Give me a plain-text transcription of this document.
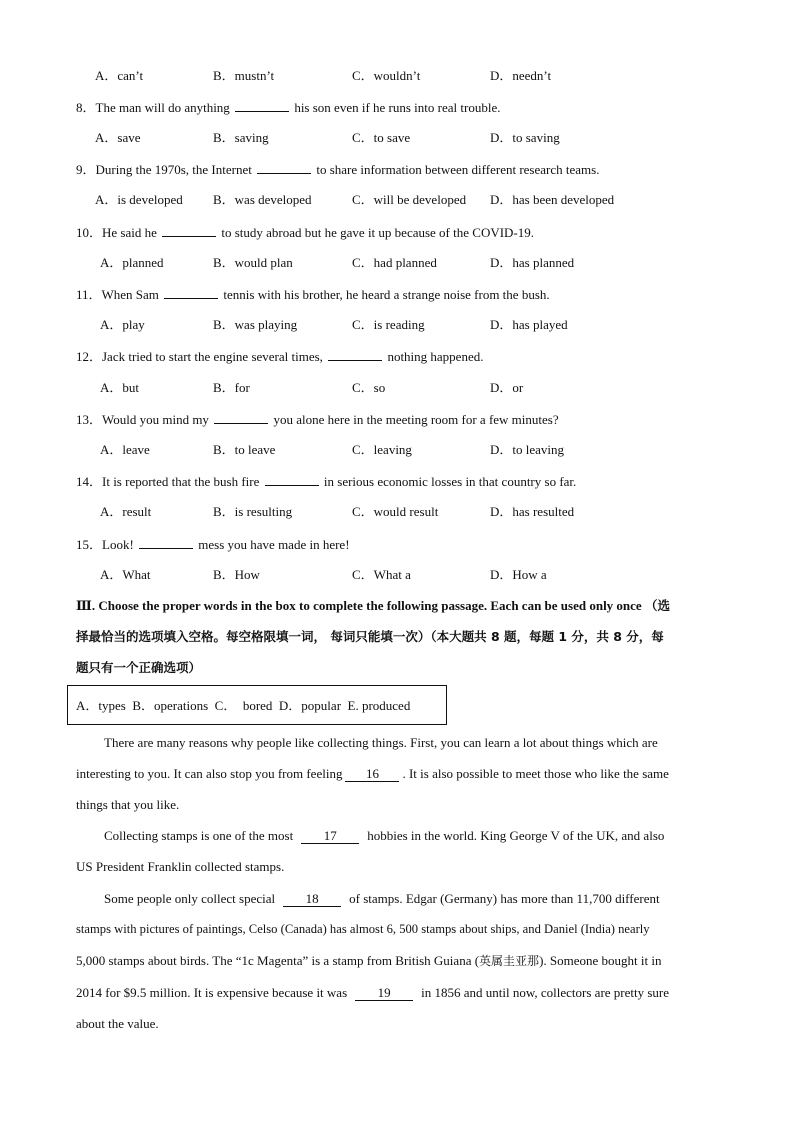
A．can’t	B．mustn’t	C．wouldn’t	D．needn’t
8．The man will do anything	his son even if he runs into real trouble.
A．save	B．saving	C．to save	D．to saving
9．During the 1970s, the Internet	to share information between different research teams.
A．is developed B．was developed	C．will be developed D．has been developed
10．He said he	to study abroad but he gave it up because of the COVID-19.
A．planned	B．would plan	C．had planned	D．has planned
11．When Sam	tennis with his brother, he heard a strange noise from the bush.
A．play	B．was playing	C．is reading	D．has played
12．Jack tried to start the engine several times,	nothing happened.
A．but	B．for	C．so	D．or
13．Would you mind my	you alone here in the meeting room for a few minutes?
A．leave	B．to leave	C．leaving	D．to leaving
14．It is reported that the bush fire	in serious economic losses in that country so far.
A．result	B．is resulting	C．would result	D．has resulted
15．Look!	mess you have made in here!
A．What	B．How	C．What a	D．How a
Ⅲ. Choose the proper words in the box to complete the following passage. Each can be used only once （选
择最恰当的选项填入空格。每空格限填一词， 每词只能填一次）（本大题共 8 题，每题 1 分，共 8 分，每
题只有一个正确选项）
A．types  B．operations  C．  bored  D．popular  E. produced
There are many reasons why people like collecting things. First, you can learn a lot about things which are
interesting to you. It can also stop you from feeling 16 . It is also possible to meet those who like the same
things that you like.
Collecting stamps is one of the most 17 hobbies in the world. King George V of the UK, and also
US President Franklin collected stamps.
Some people only collect special 18 of stamps. Edgar (Germany) has more than 11,700 different
stamps with pictures of paintings, Celso (Canada) has almost 6, 500 stamps about ships, and Daniel (India) nearly
5,000 stamps about birds. The “1c Magenta” is a stamp from British Guiana (英属圭亚那). Someone bought it in
2014 for $9.5 million. It is expensive because it was 19 in 1856 and until now, collectors are pretty sure
about the value.
